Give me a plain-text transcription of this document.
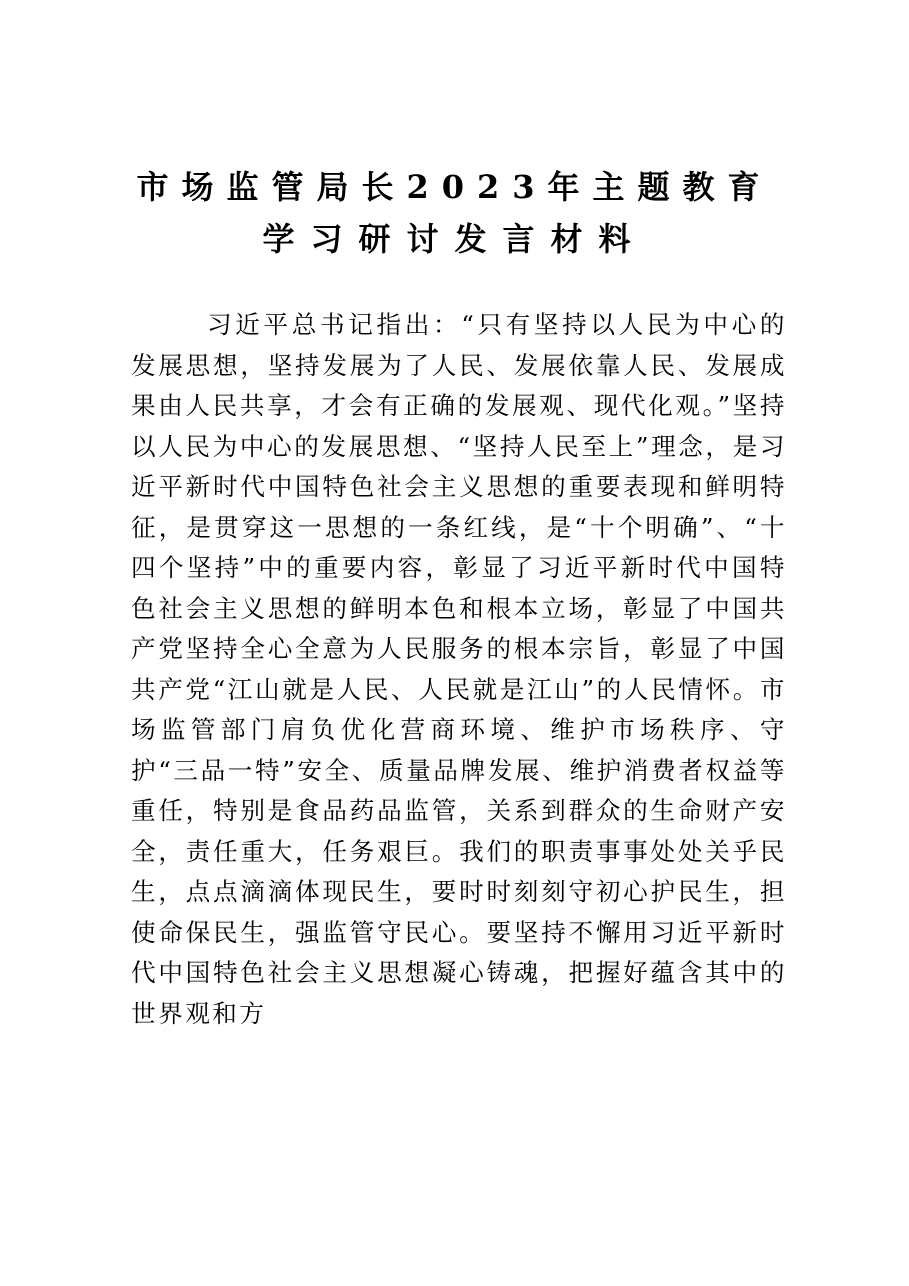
市场监管局长2023年主题教育
学习研讨发言材料

习近平总书记指出：“只有坚持以人民为中心的发展思想，坚持发展为了人民、发展依靠人民、发展成果由人民共享，才会有正确的发展观、现代化观。”坚持以人民为中心的发展思想、“坚持人民至上”理念，是习近平新时代中国特色社会主义思想的重要表现和鲜明特征，是贯穿这一思想的一条红线，是“十个明确”、“十四个坚持”中的重要内容，彰显了习近平新时代中国特色社会主义思想的鲜明本色和根本立场，彰显了中国共产党坚持全心全意为人民服务的根本宗旨，彰显了中国共产党“江山就是人民、人民就是江山”的人民情怀。市场监管部门肩负优化营商环境、维护市场秩序、守护“三品一特”安全、质量品牌发展、维护消费者权益等重任，特别是食品药品监管，关系到群众的生命财产安全，责任重大，任务艰巨。我们的职责事事处处关乎民生，点点滴滴体现民生，要时时刻刻守初心护民生，担使命保民生，强监管守民心。要坚持不懈用习近平新时代中国特色社会主义思想凝心铸魂，把握好蕴含其中的世界观和方
